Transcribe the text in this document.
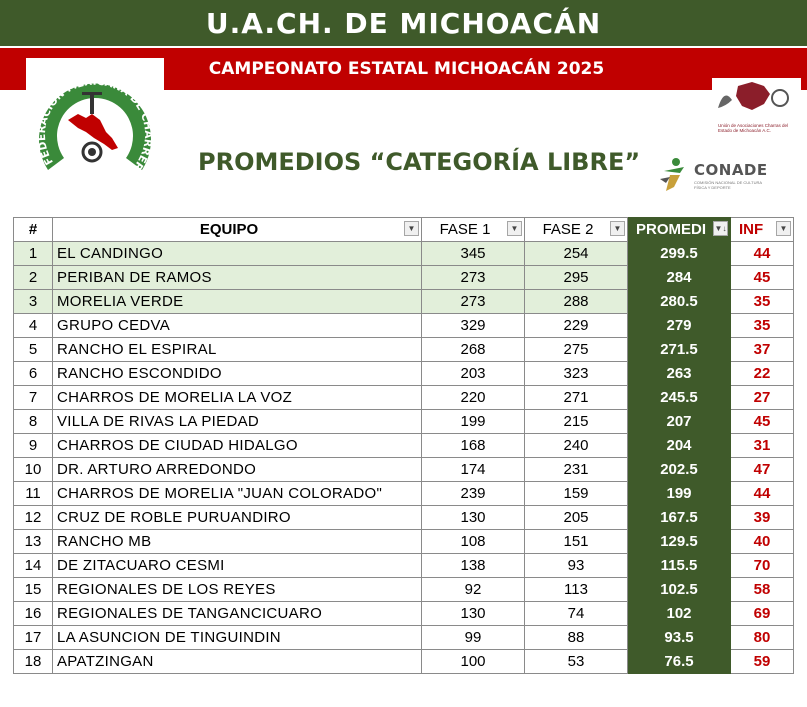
U.A.CH. DE MICHOACÁN
CAMPEONATO ESTATAL MICHOACÁN 2025
FEDERACION MEXICANA DE CHARRER
Unión de Asociaciones Charras del Estado de Michoacán A.C.
CONADE
COMISIÓN NACIONAL DE CULTURA FÍSICA Y DEPORTE
PROMEDIOS “CATEGORÍA LIBRE”
#	EQUIPO ▼	FASE 1 ▼	FASE 2 ▼	PROMEDI ▼↓	INF ▼

1	EL CANDINGO	345	254	299.5	44
2	PERIBAN DE RAMOS	273	295	284	45
3	MORELIA VERDE	273	288	280.5	35
4	GRUPO CEDVA	329	229	279	35
5	RANCHO EL ESPIRAL	268	275	271.5	37
6	RANCHO ESCONDIDO	203	323	263	22
7	CHARROS DE MORELIA LA VOZ	220	271	245.5	27
8	VILLA DE RIVAS LA PIEDAD	199	215	207	45
9	CHARROS DE CIUDAD HIDALGO	168	240	204	31
10	DR. ARTURO ARREDONDO	174	231	202.5	47
11	CHARROS DE MORELIA "JUAN COLORADO"	239	159	199	44
12	CRUZ DE ROBLE PURUANDIRO	130	205	167.5	39
13	RANCHO MB	108	151	129.5	40
14	DE ZITACUARO CESMI	138	93	115.5	70
15	REGIONALES DE LOS REYES	92	113	102.5	58
16	REGIONALES DE TANGANCICUARO	130	74	102	69
17	LA ASUNCION DE TINGUINDIN	99	88	93.5	80
18	APATZINGAN	100	53	76.5	59
